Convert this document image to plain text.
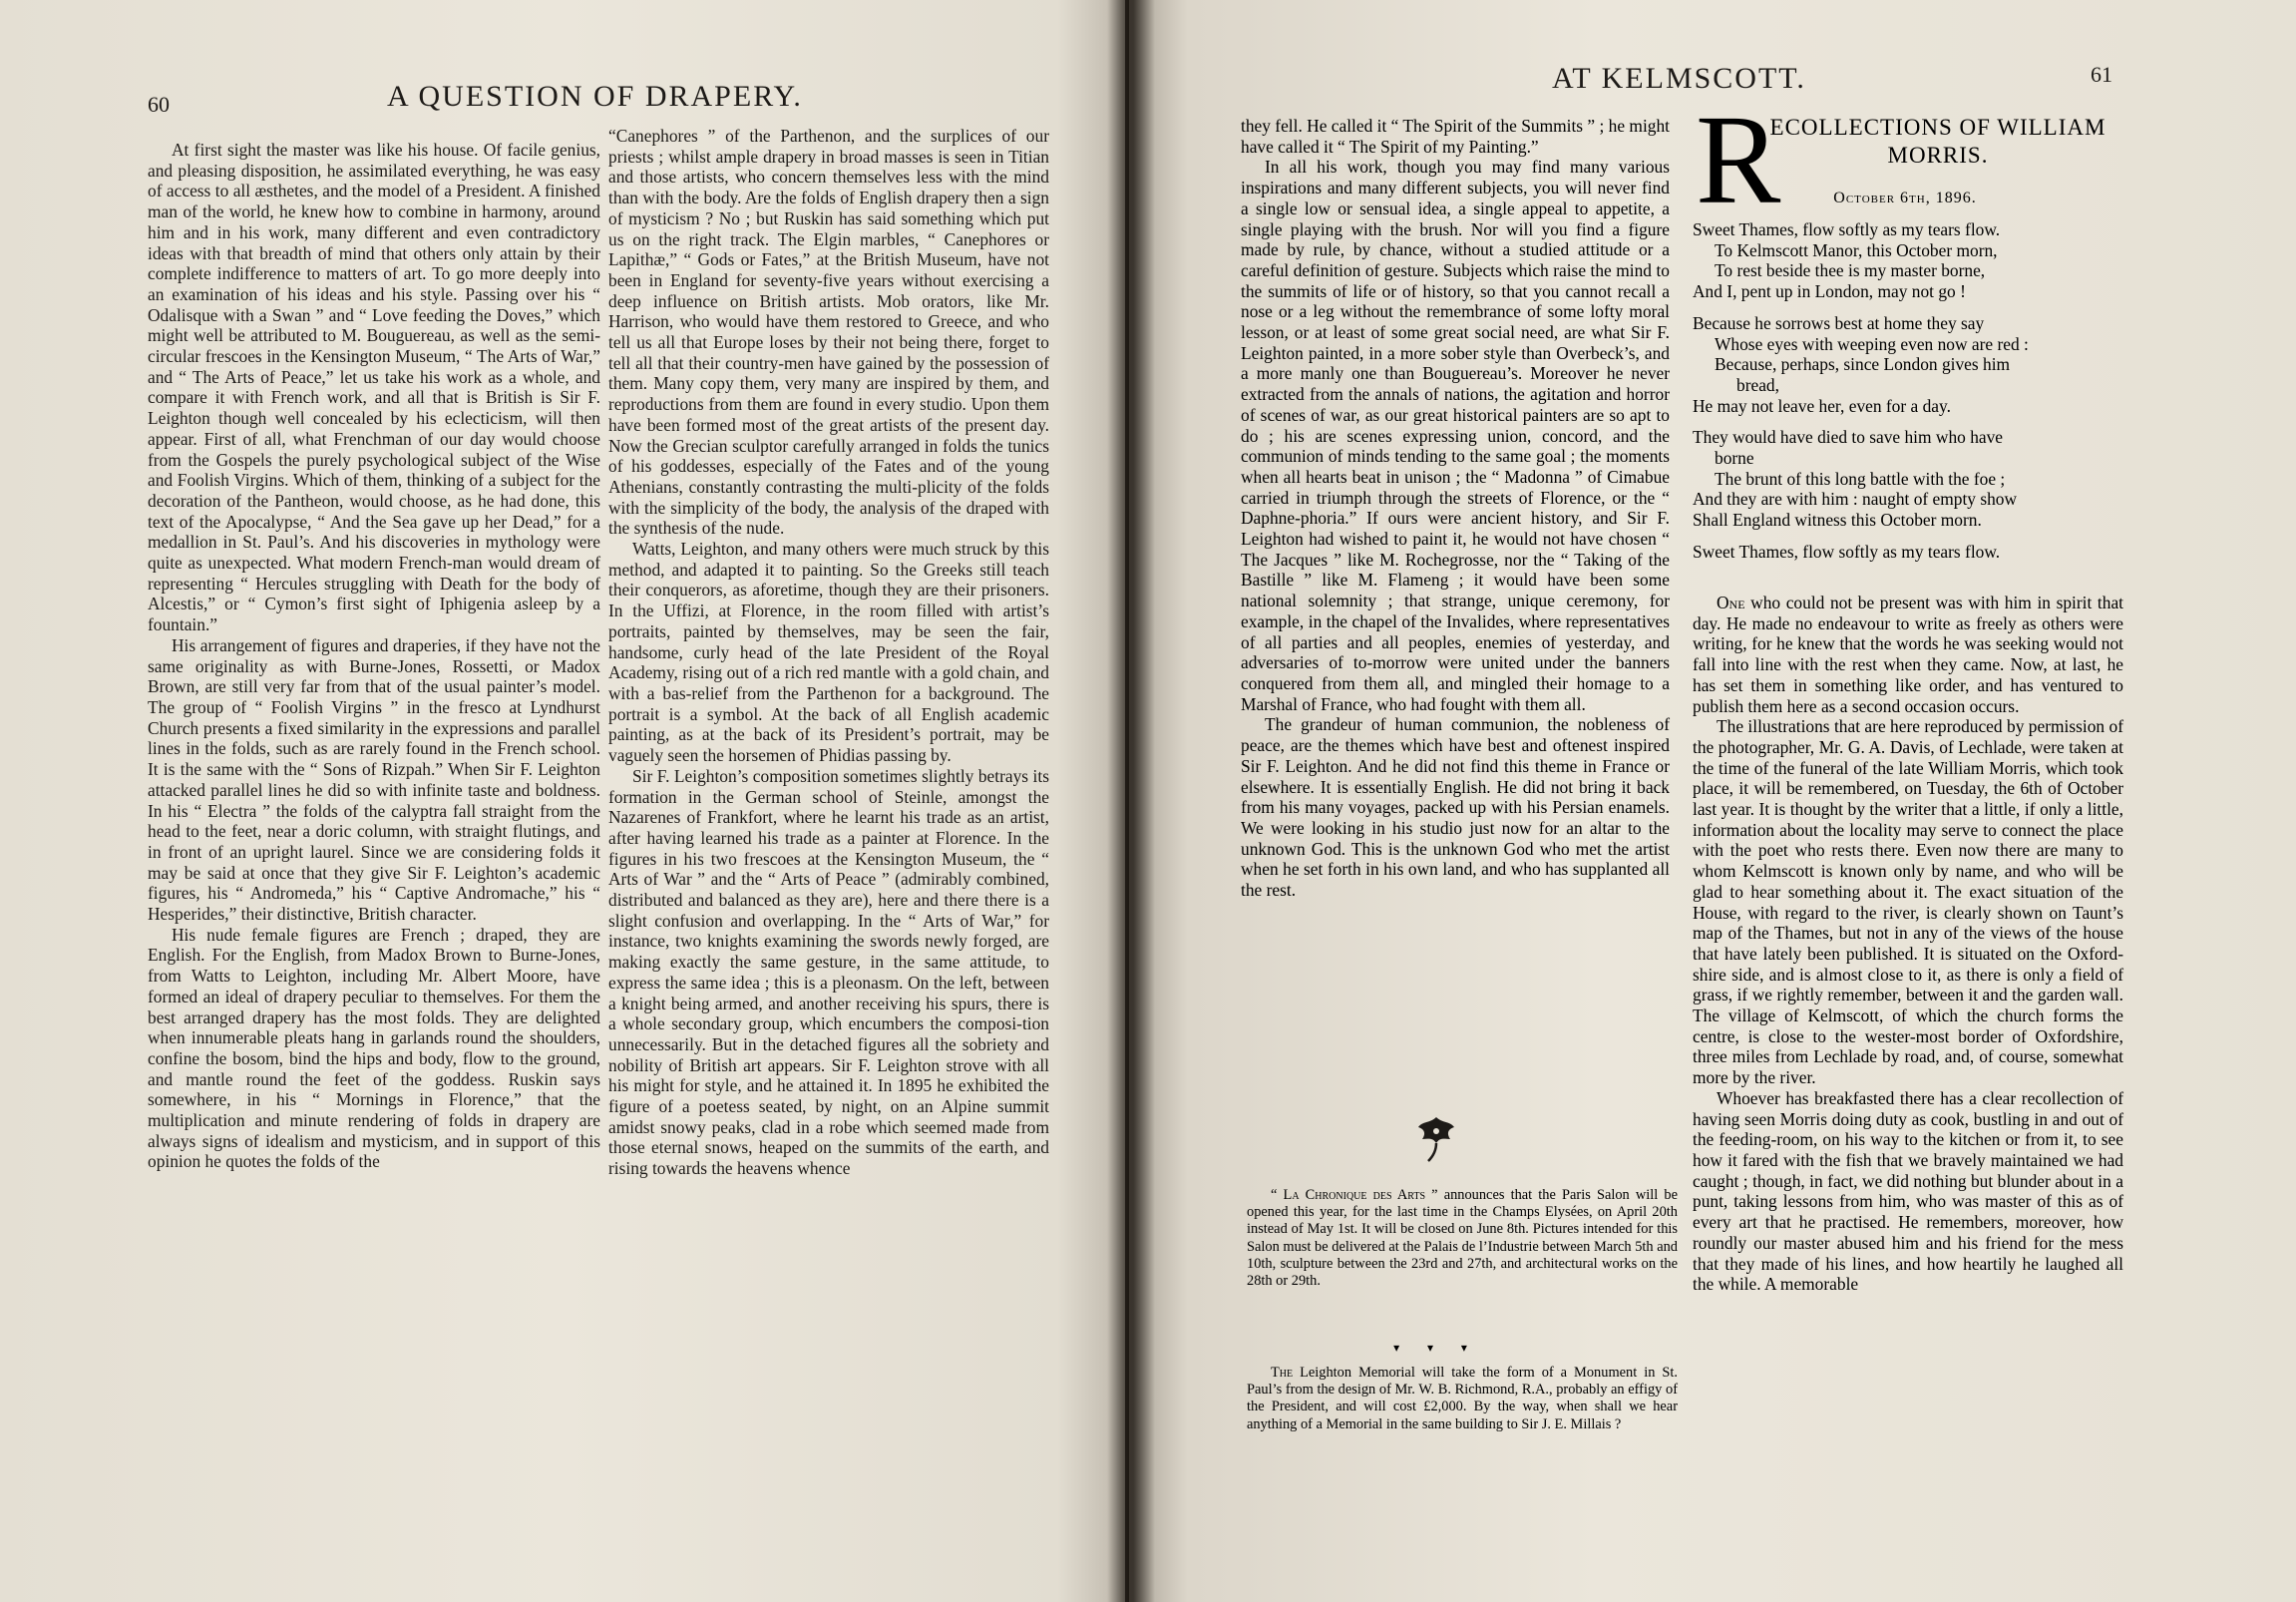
60	A QUESTION OF DRAPERY.

At first sight the master was like his house. Of facile genius, and pleasing disposition, he assimilated everything, he was easy of access to all æsthetes, and the model of a President. A finished man of the world, he knew how to combine in harmony, around him and in his work, many different and even contradictory ideas with that breadth of mind that others only attain by their complete indifference to matters of art. To go more deeply into an examination of his ideas and his style. Passing over his “ Odalisque with a Swan ” and “ Love feeding the Doves,” which might well be attributed to M. Bouguereau, as well as the semi-circular frescoes in the Kensington Museum, “ The Arts of War,” and “ The Arts of Peace,” let us take his work as a whole, and compare it with French work, and all that is British is Sir F. Leighton though well concealed by his eclecticism, will then appear. First of all, what Frenchman of our day would choose from the Gospels the purely psychological subject of the Wise and Foolish Virgins. Which of them, thinking of a subject for the decoration of the Pantheon, would choose, as he had done, this text of the Apocalypse, “ And the Sea gave up her Dead,” for a medallion in St. Paul’s. And his discoveries in mythology were quite as unexpected. What modern French-man would dream of representing “ Hercules struggling with Death for the body of Alcestis,” or “ Cymon’s first sight of Iphigenia asleep by a fountain.”

His arrangement of figures and draperies, if they have not the same originality as with Burne-Jones, Rossetti, or Madox Brown, are still very far from that of the usual painter’s model. The group of “ Foolish Virgins ” in the fresco at Lyndhurst Church presents a fixed similarity in the expressions and parallel lines in the folds, such as are rarely found in the French school. It is the same with the “ Sons of Rizpah.” When Sir F. Leighton attacked parallel lines he did so with infinite taste and boldness. In his “ Electra ” the folds of the calyptra fall straight from the head to the feet, near a doric column, with straight flutings, and in front of an upright laurel. Since we are considering folds it may be said at once that they give Sir F. Leighton’s academic figures, his “ Andromeda,” his “ Captive Andromache,” his “ Hesperides,” their distinctive, British character.

His nude female figures are French ; draped, they are English. For the English, from Madox Brown to Burne-Jones, from Watts to Leighton, including Mr. Albert Moore, have formed an ideal of drapery peculiar to themselves. For them the best arranged drapery has the most folds. They are delighted when innumerable pleats hang in garlands round the shoulders, confine the bosom, bind the hips and body, flow to the ground, and mantle round the feet of the goddess. Ruskin says somewhere, in his “ Mornings in Florence,” that the multiplication and minute rendering of folds in drapery are always signs of idealism and mysticism, and in support of this opinion he quotes the folds of the

“Canephores ” of the Parthenon, and the surplices of our priests ; whilst ample drapery in broad masses is seen in Titian and those artists, who concern themselves less with the mind than with the body. Are the folds of English drapery then a sign of mysticism ? No ; but Ruskin has said something which put us on the right track. The Elgin marbles, “ Canephores or Lapithæ,” “ Gods or Fates,” at the British Museum, have not been in England for seventy-five years without exercising a deep influence on British artists. Mob orators, like Mr. Harrison, who would have them restored to Greece, and who tell us all that Europe loses by their not being there, forget to tell all that their country-men have gained by the possession of them. Many copy them, very many are inspired by them, and reproductions from them are found in every studio. Upon them have been formed most of the great artists of the present day. Now the Grecian sculptor carefully arranged in folds the tunics of his goddesses, especially of the Fates and of the young Athenians, constantly contrasting the multi-plicity of the folds with the simplicity of the body, the analysis of the draped with the synthesis of the nude.

Watts, Leighton, and many others were much struck by this method, and adapted it to painting. So the Greeks still teach their conquerors, as aforetime, though they are their prisoners. In the Uffizi, at Florence, in the room filled with artist’s portraits, painted by themselves, may be seen the fair, handsome, curly head of the late President of the Royal Academy, rising out of a rich red mantle with a gold chain, and with a bas-relief from the Parthenon for a background. The portrait is a symbol. At the back of all English academic painting, as at the back of its President’s portrait, may be vaguely seen the horsemen of Phidias passing by.

Sir F. Leighton’s composition sometimes slightly betrays its formation in the German school of Steinle, amongst the Nazarenes of Frankfort, where he learnt his trade as an artist, after having learned his trade as a painter at Florence. In the figures in his two frescoes at the Kensington Museum, the “ Arts of War ” and the “ Arts of Peace ” (admirably combined, distributed and balanced as they are), here and there there is a slight confusion and overlapping. In the “ Arts of War,” for instance, two knights examining the swords newly forged, are making exactly the same gesture, in the same attitude, to express the same idea ; this is a pleonasm. On the left, between a knight being armed, and another receiving his spurs, there is a whole secondary group, which encumbers the composi-tion unnecessarily. But in the detached figures all the sobriety and nobility of British art appears. Sir F. Leighton strove with all his might for style, and he attained it. In 1895 he exhibited the figure of a poetess seated, by night, on an Alpine summit amidst snowy peaks, clad in a robe which seemed made from those eternal snows, heaped on the summits of the earth, and rising towards the heavens whence

AT KELMSCOTT.	61

they fell. He called it “ The Spirit of the Summits ” ; he might have called it “ The Spirit of my Painting.”

In all his work, though you may find many various inspirations and many different subjects, you will never find a single low or sensual idea, a single appeal to appetite, a single playing with the brush. Nor will you find a figure made by rule, by chance, without a studied attitude or a careful definition of gesture. Subjects which raise the mind to the summits of life or of history, so that you cannot recall a nose or a leg without the remembrance of some lofty moral lesson, or at least of some great social need, are what Sir F. Leighton painted, in a more sober style than Overbeck’s, and a more manly one than Bouguereau’s. Moreover he never extracted from the annals of nations, the agitation and horror of scenes of war, as our great historical painters are so apt to do ; his are scenes expressing union, concord, and the communion of minds tending to the same goal ; the moments when all hearts beat in unison ; the “ Madonna ” of Cimabue carried in triumph through the streets of Florence, or the “ Daphne-phoria.” If ours were ancient history, and Sir F. Leighton had wished to paint it, he would not have chosen “ The Jacques ” like M. Rochegrosse, nor the “ Taking of the Bastille ” like M. Flameng ; it would have been some national solemnity ; that strange, unique ceremony, for example, in the chapel of the Invalides, where representatives of all parties and all peoples, enemies of yesterday, and adversaries of to-morrow were united under the banners conquered from them all, and mingled their homage to a Marshal of France, who had fought with them all.

The grandeur of human communion, the nobleness of peace, are the themes which have best and oftenest inspired Sir F. Leighton. And he did not find this theme in France or elsewhere. It is essentially English. He did not bring it back from his many voyages, packed up with his Persian enamels. We were looking in his studio just now for an altar to the unknown God. This is the unknown God who met the artist when he set forth in his own land, and who has supplanted all the rest.

“ La Chronique des Arts ” announces that the Paris Salon will be opened this year, for the last time in the Champs Elysées, on April 20th instead of May 1st. It will be closed on June 8th. Pictures intended for this Salon must be delivered at the Palais de l’Industrie between March 5th and 10th, sculpture between the 23rd and 27th, and architectural works on the 28th or 29th.

▾ ▾ ▾

The Leighton Memorial will take the form of a Monument in St. Paul’s from the design of Mr. W. B. Richmond, R.A., probably an effigy of the President, and will cost £2,000. By the way, when shall we hear anything of a Memorial in the same building to Sir J. E. Millais ?

R
ECOLLECTIONS OF WILLIAM MORRIS.
October 6th, 1896.
Sweet Thames, flow softly as my tears flow.
To Kelmscott Manor, this October morn,
To rest beside thee is my master borne,
And I, pent up in London, may not go !
Because he sorrows best at home they say
Whose eyes with weeping even now are red :
Because, perhaps, since London gives him
bread,
He may not leave her, even for a day.
They would have died to save him who have
borne
The brunt of this long battle with the foe ;
And they are with him : naught of empty show
Shall England witness this October morn.
Sweet Thames, flow softly as my tears flow.

One who could not be present was with him in spirit that day. He made no endeavour to write as freely as others were writing, for he knew that the words he was seeking would not fall into line with the rest when they came. Now, at last, he has set them in something like order, and has ventured to publish them here as a second occasion occurs.

The illustrations that are here reproduced by permission of the photographer, Mr. G. A. Davis, of Lechlade, were taken at the time of the funeral of the late William Morris, which took place, it will be remembered, on Tuesday, the 6th of October last year. It is thought by the writer that a little, if only a little, information about the locality may serve to connect the place with the poet who rests there. Even now there are many to whom Kelmscott is known only by name, and who will be glad to hear something about it. The exact situation of the House, with regard to the river, is clearly shown on Taunt’s map of the Thames, but not in any of the views of the house that have lately been published. It is situated on the Oxford-shire side, and is almost close to it, as there is only a field of grass, if we rightly remember, between it and the garden wall. The village of Kelmscott, of which the church forms the centre, is close to the wester-most border of Oxfordshire, three miles from Lechlade by road, and, of course, somewhat more by the river.

Whoever has breakfasted there has a clear recollection of having seen Morris doing duty as cook, bustling in and out of the feeding-room, on his way to the kitchen or from it, to see how it fared with the fish that we bravely maintained we had caught ; though, in fact, we did nothing but blunder about in a punt, taking lessons from him, who was master of this as of every art that he practised. He remembers, moreover, how roundly our master abused him and his friend for the mess that they made of his lines, and how heartily he laughed all the while. A memorable
